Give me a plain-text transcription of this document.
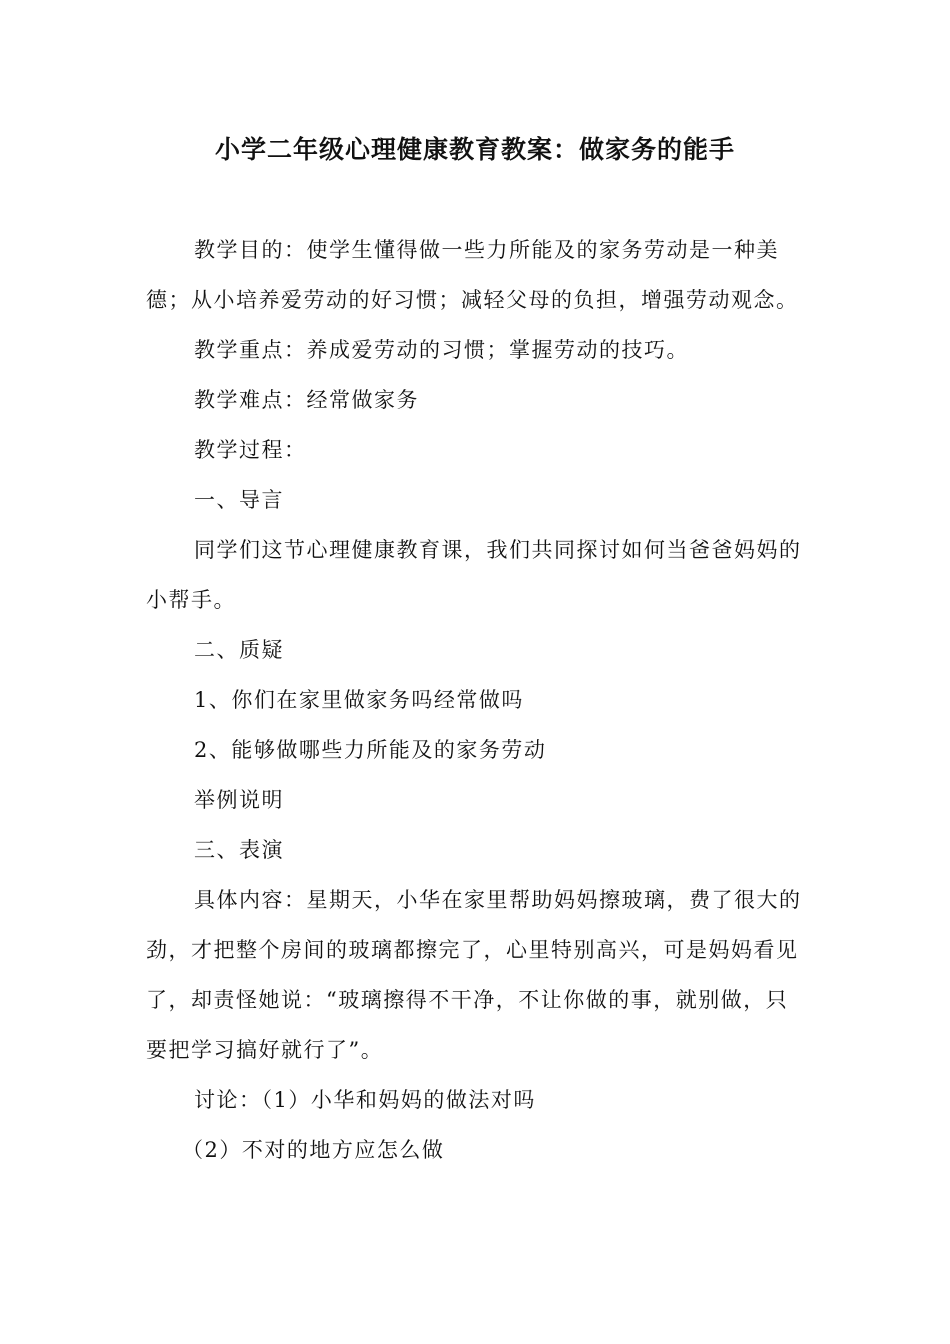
小学二年级心理健康教育教案：做家务的能手

教学目的：使学生懂得做一些力所能及的家务劳动是一种美德；从小培养爱劳动的好习惯；减轻父母的负担，增强劳动观念。

教学重点：养成爱劳动的习惯；掌握劳动的技巧。

教学难点：经常做家务

教学过程：

一、导言

同学们这节心理健康教育课，我们共同探讨如何当爸爸妈妈的小帮手。

二、质疑

1、你们在家里做家务吗经常做吗

2、能够做哪些力所能及的家务劳动

举例说明

三、表演

具体内容：星期天，小华在家里帮助妈妈擦玻璃，费了很大的劲，才把整个房间的玻璃都擦完了，心里特别高兴，可是妈妈看见了，却责怪她说：“玻璃擦得不干净，不让你做的事，就别做，只要把学习搞好就行了”。

讨论：（1）小华和妈妈的做法对吗

（2）不对的地方应怎么做
